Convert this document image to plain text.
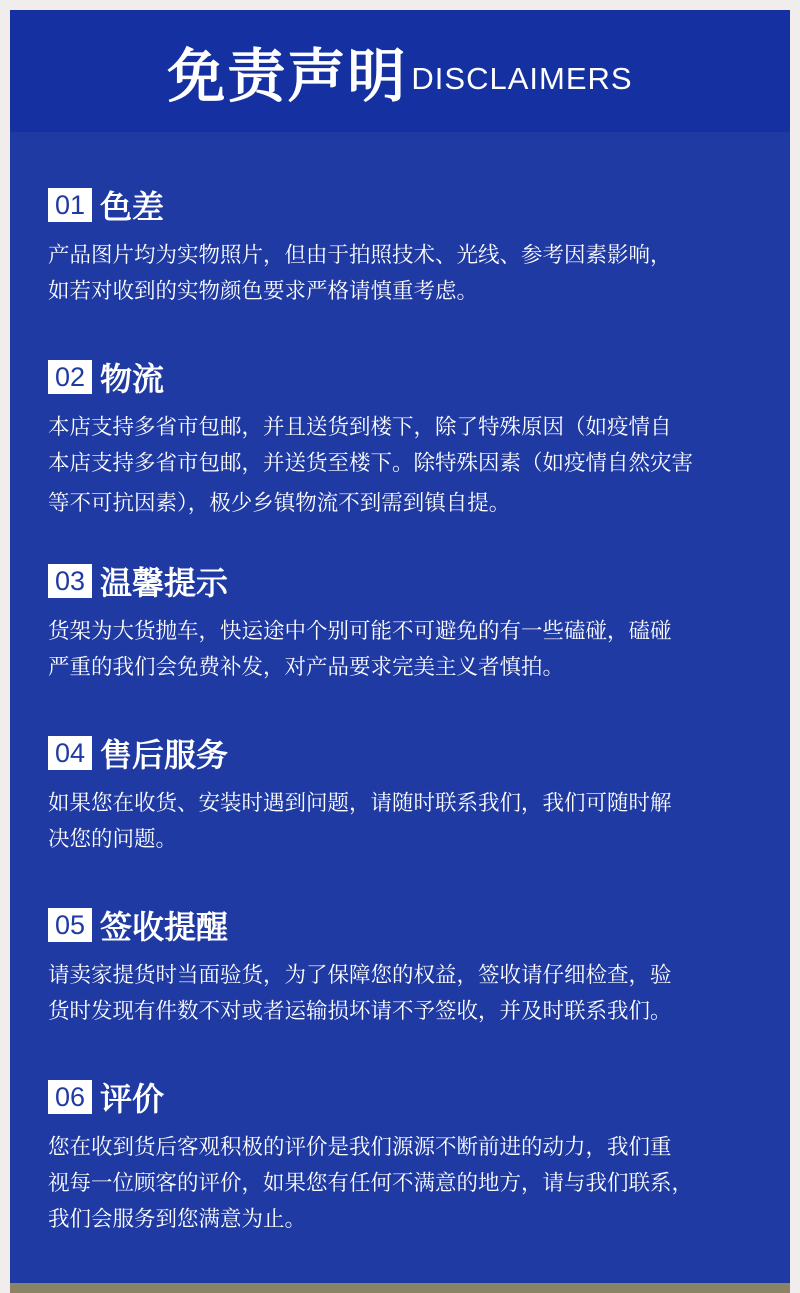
免责声明 DISCLAIMERS
01 色差

产品图片均为实物照片，但由于拍照技术、光线、参考因素影响，

如若对收到的实物颜色要求严格请慎重考虑。

02 物流

本店支持多省市包邮，并且送货到楼下，除了特殊原因（如疫情自

本店支持多省市包邮，并送货至楼下。除特殊因素（如疫情自然灾害

等不可抗因素），极少乡镇物流不到需到镇自提。

03 温馨提示

货架为大货抛车，快运途中个别可能不可避免的有一些磕碰，磕碰

严重的我们会免费补发，对产品要求完美主义者慎拍。

04 售后服务

如果您在收货、安装时遇到问题，请随时联系我们，我们可随时解

决您的问题。

05 签收提醒

请卖家提货时当面验货，为了保障您的权益，签收请仔细检查，验

货时发现有件数不对或者运输损坏请不予签收，并及时联系我们。

06 评价

您在收到货后客观积极的评价是我们源源不断前进的动力，我们重

视每一位顾客的评价，如果您有任何不满意的地方，请与我们联系，

我们会服务到您满意为止。
